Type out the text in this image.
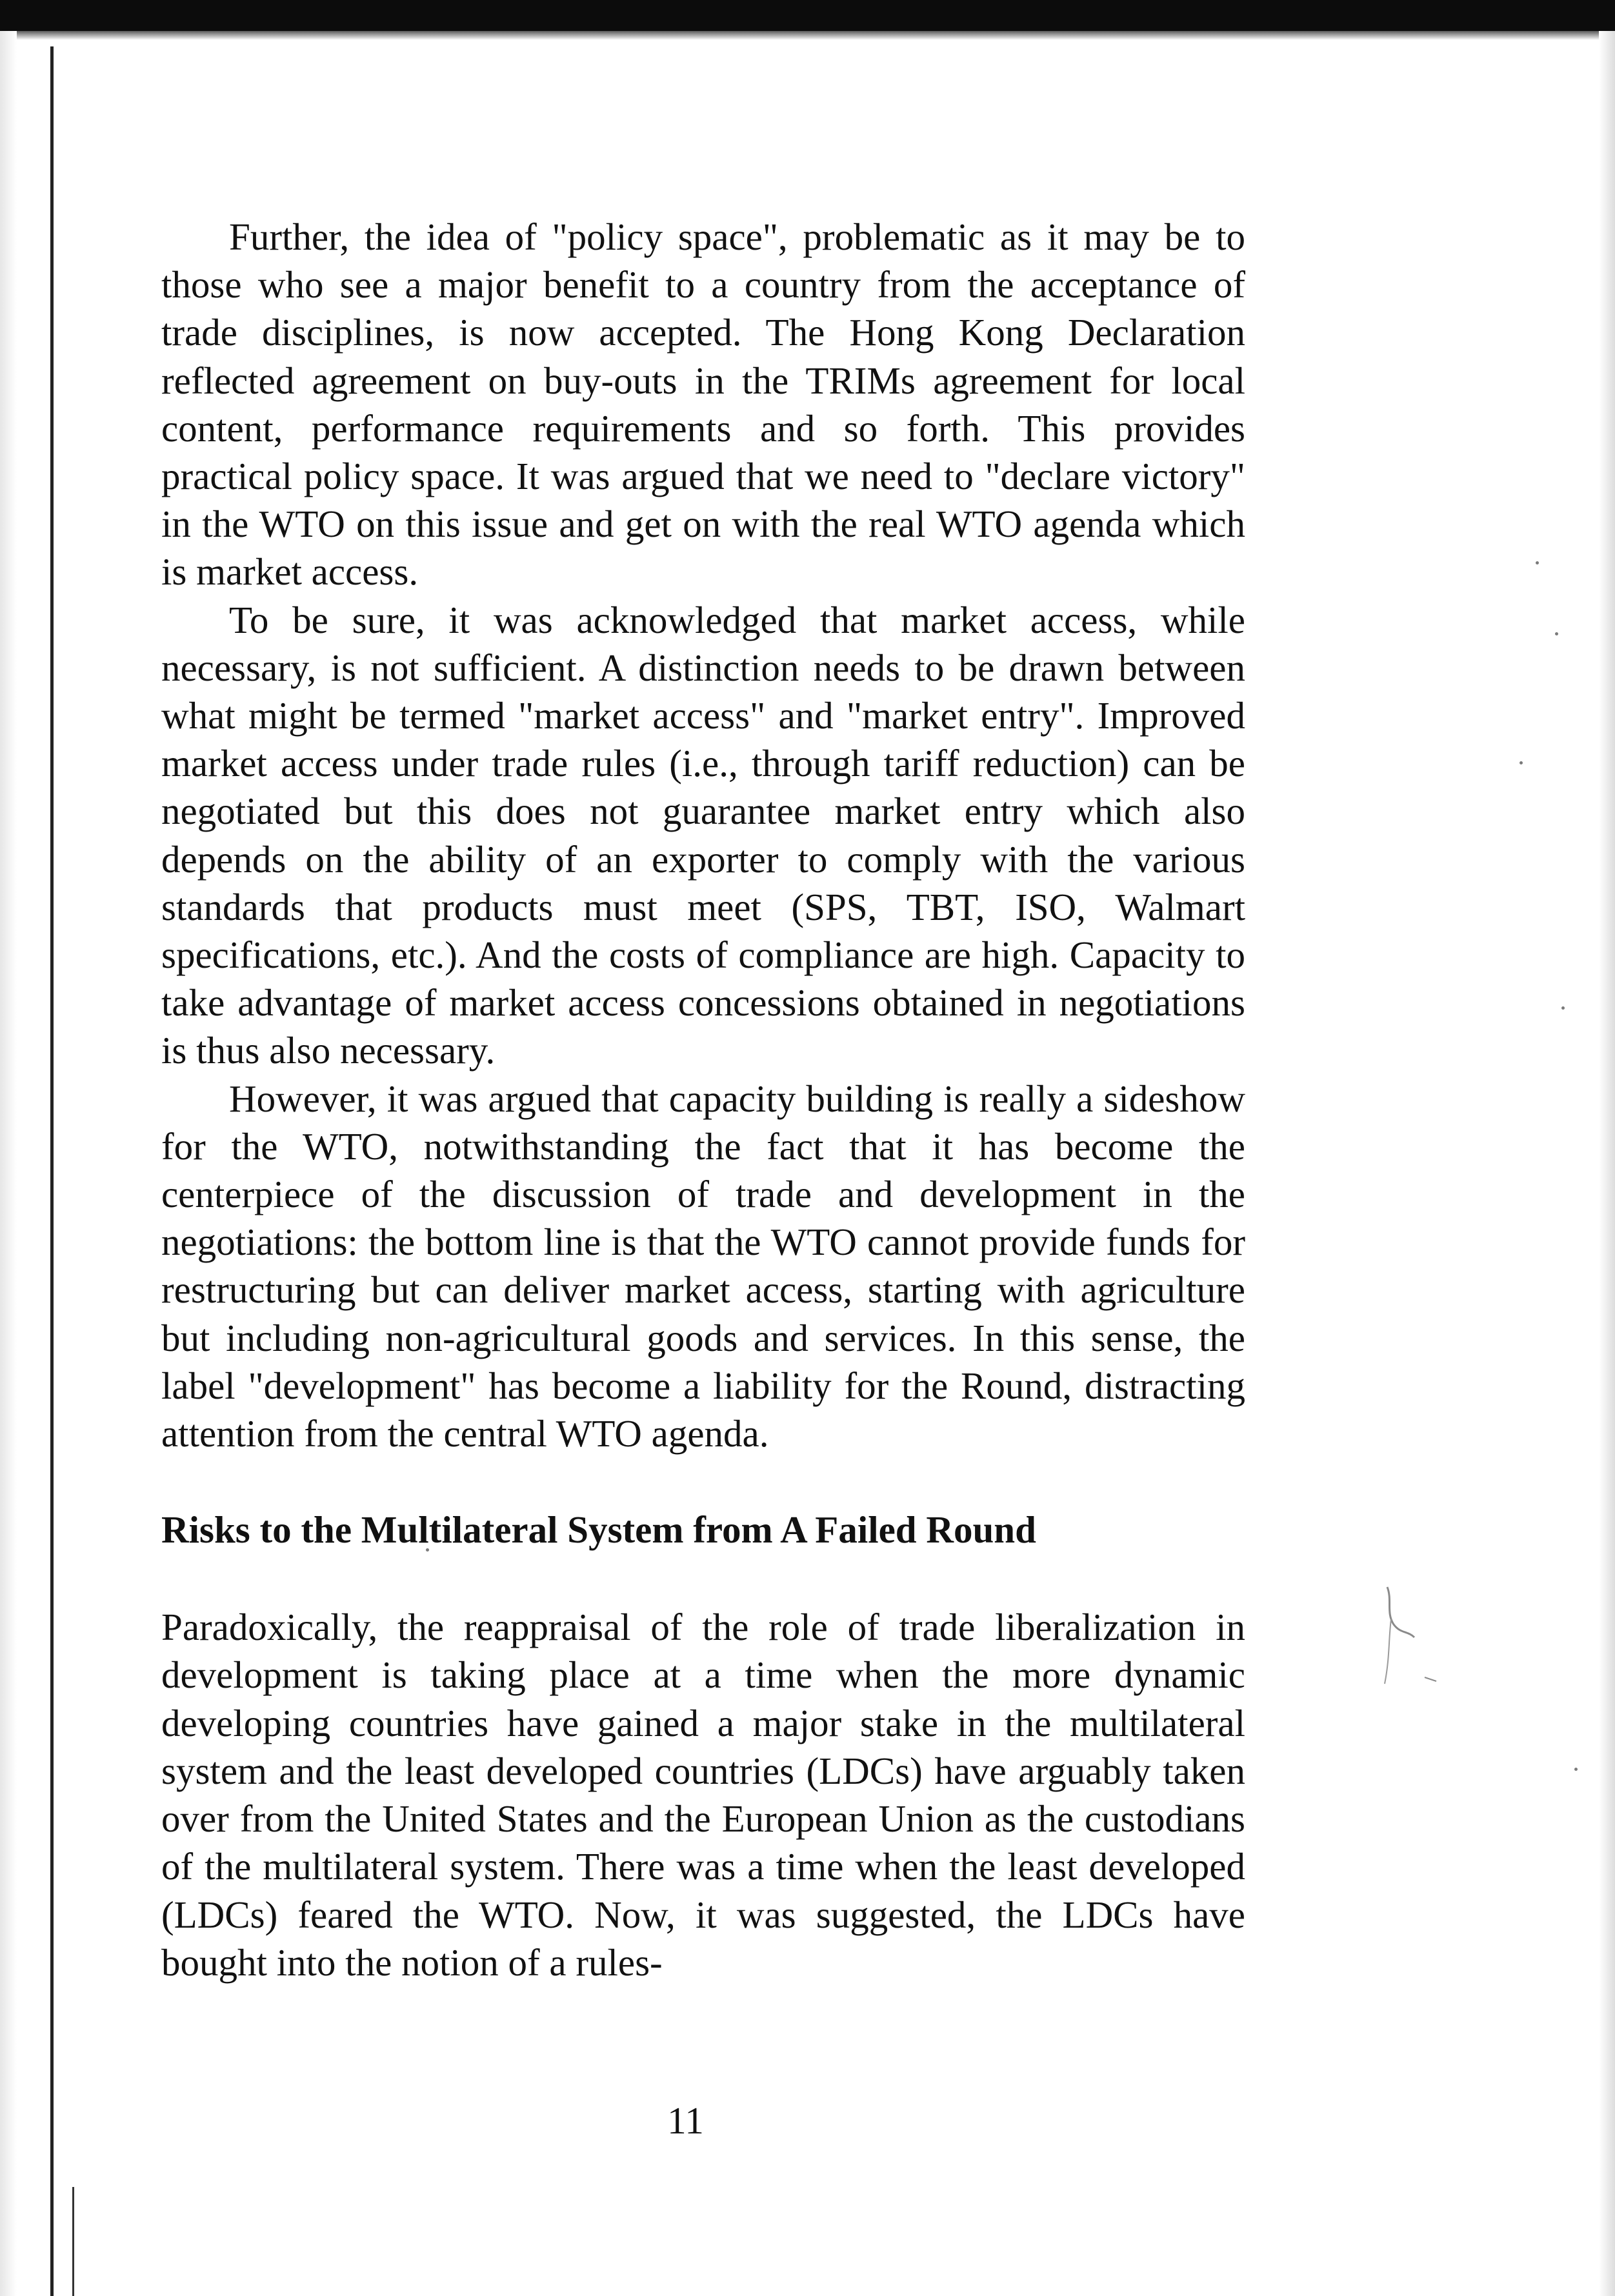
Further, the idea of "policy space", problematic as it may be to those who see a major benefit to a country from the acceptance of trade disciplines, is now accepted. The Hong Kong Declaration reflected agreement on buy-outs in the TRIMs agreement for local content, performance requirements and so forth. This provides practical policy space. It was argued that we need to "declare victory" in the WTO on this issue and get on with the real WTO agenda which is market access.

To be sure, it was acknowledged that market access, while necessary, is not sufficient. A distinction needs to be drawn between what might be termed "market access" and "market entry". Improved market access under trade rules (i.e., through tariff reduction) can be negotiated but this does not guarantee market entry which also depends on the ability of an exporter to comply with the various standards that products must meet (SPS, TBT, ISO, Walmart specifications, etc.). And the costs of compliance are high. Capacity to take advantage of market access concessions obtained in negotiations is thus also necessary.

However, it was argued that capacity building is really a sideshow for the WTO, notwithstanding the fact that it has become the centerpiece of the discussion of trade and development in the negotiations: the bottom line is that the WTO cannot provide funds for restructuring but can deliver market access, starting with agriculture but including non-agricultural goods and services. In this sense, the label "development" has become a liability for the Round, distracting attention from the central WTO agenda.

Risks to the Multilateral System from A Failed Round

Paradoxically, the reappraisal of the role of trade liberalization in development is taking place at a time when the more dynamic developing countries have gained a major stake in the multilateral system and the least developed countries (LDCs) have arguably taken over from the United States and the European Union as the custodians of the multilateral system. There was a time when the least developed (LDCs) feared the WTO. Now, it was suggested, the LDCs have bought into the notion of a rules-

11
